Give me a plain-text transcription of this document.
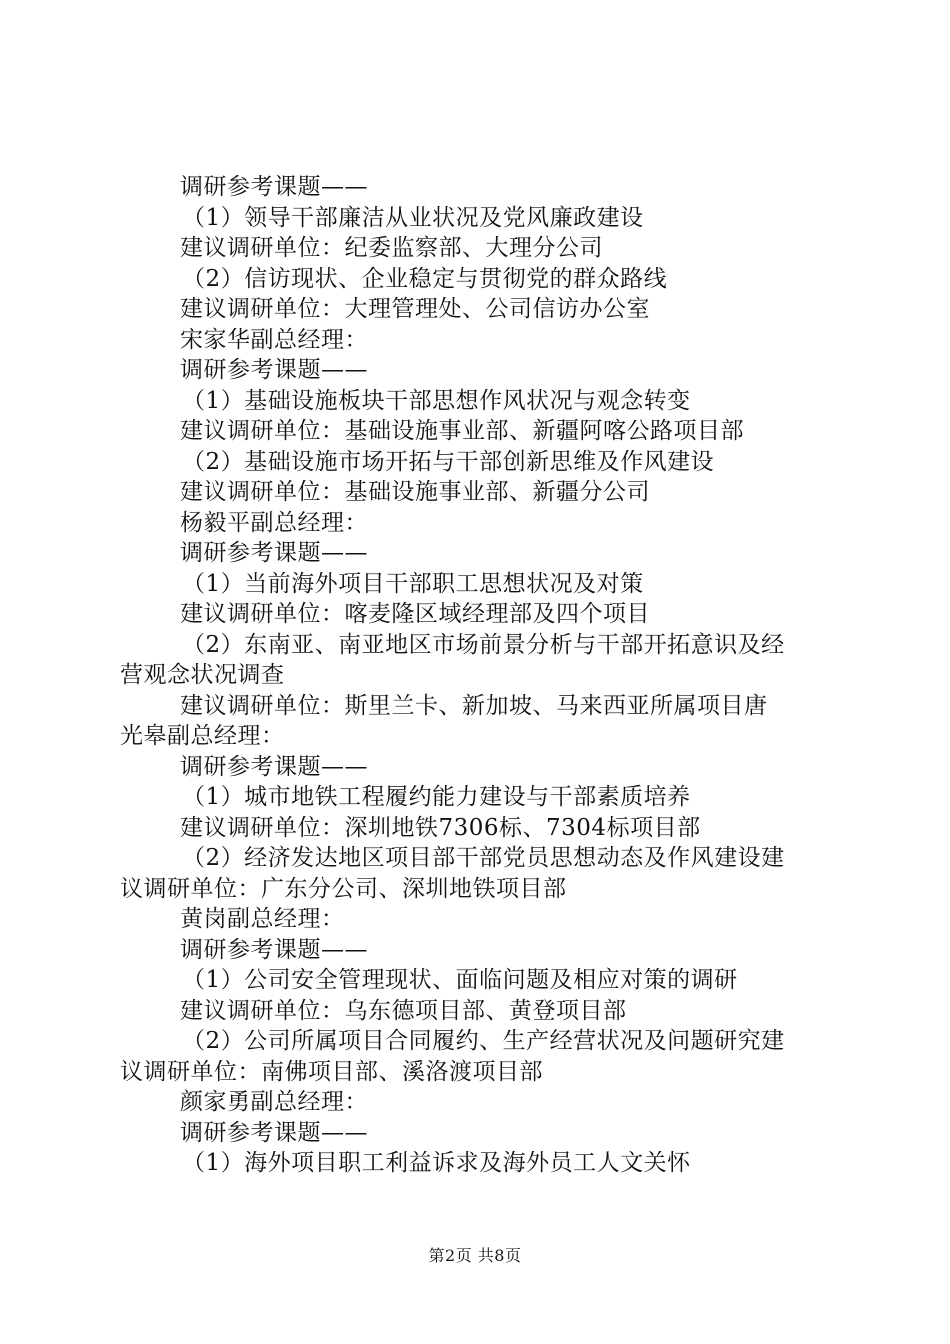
调研参考课题——
（1）领导干部廉洁从业状况及党风廉政建设
建议调研单位：纪委监察部、大理分公司
（2）信访现状、企业稳定与贯彻党的群众路线
建议调研单位：大理管理处、公司信访办公室
宋家华副总经理：
调研参考课题——
（1）基础设施板块干部思想作风状况与观念转变
建议调研单位：基础设施事业部、新疆阿喀公路项目部
（2）基础设施市场开拓与干部创新思维及作风建设
建议调研单位：基础设施事业部、新疆分公司
杨毅平副总经理：
调研参考课题——
（1）当前海外项目干部职工思想状况及对策
建议调研单位：喀麦隆区域经理部及四个项目
（2）东南亚、南亚地区市场前景分析与干部开拓意识及经
营观念状况调查
建议调研单位：斯里兰卡、新加坡、马来西亚所属项目唐
光皋副总经理：
调研参考课题——
（1）城市地铁工程履约能力建设与干部素质培养
建议调研单位：深圳地铁7306标、7304标项目部
（2）经济发达地区项目部干部党员思想动态及作风建设建
议调研单位：广东分公司、深圳地铁项目部
黄岗副总经理：
调研参考课题——
（1）公司安全管理现状、面临问题及相应对策的调研
建议调研单位：乌东德项目部、黄登项目部
（2）公司所属项目合同履约、生产经营状况及问题研究建
议调研单位：南佛项目部、溪洛渡项目部
颜家勇副总经理：
调研参考课题——
（1）海外项目职工利益诉求及海外员工人文关怀
第2页 共8页
